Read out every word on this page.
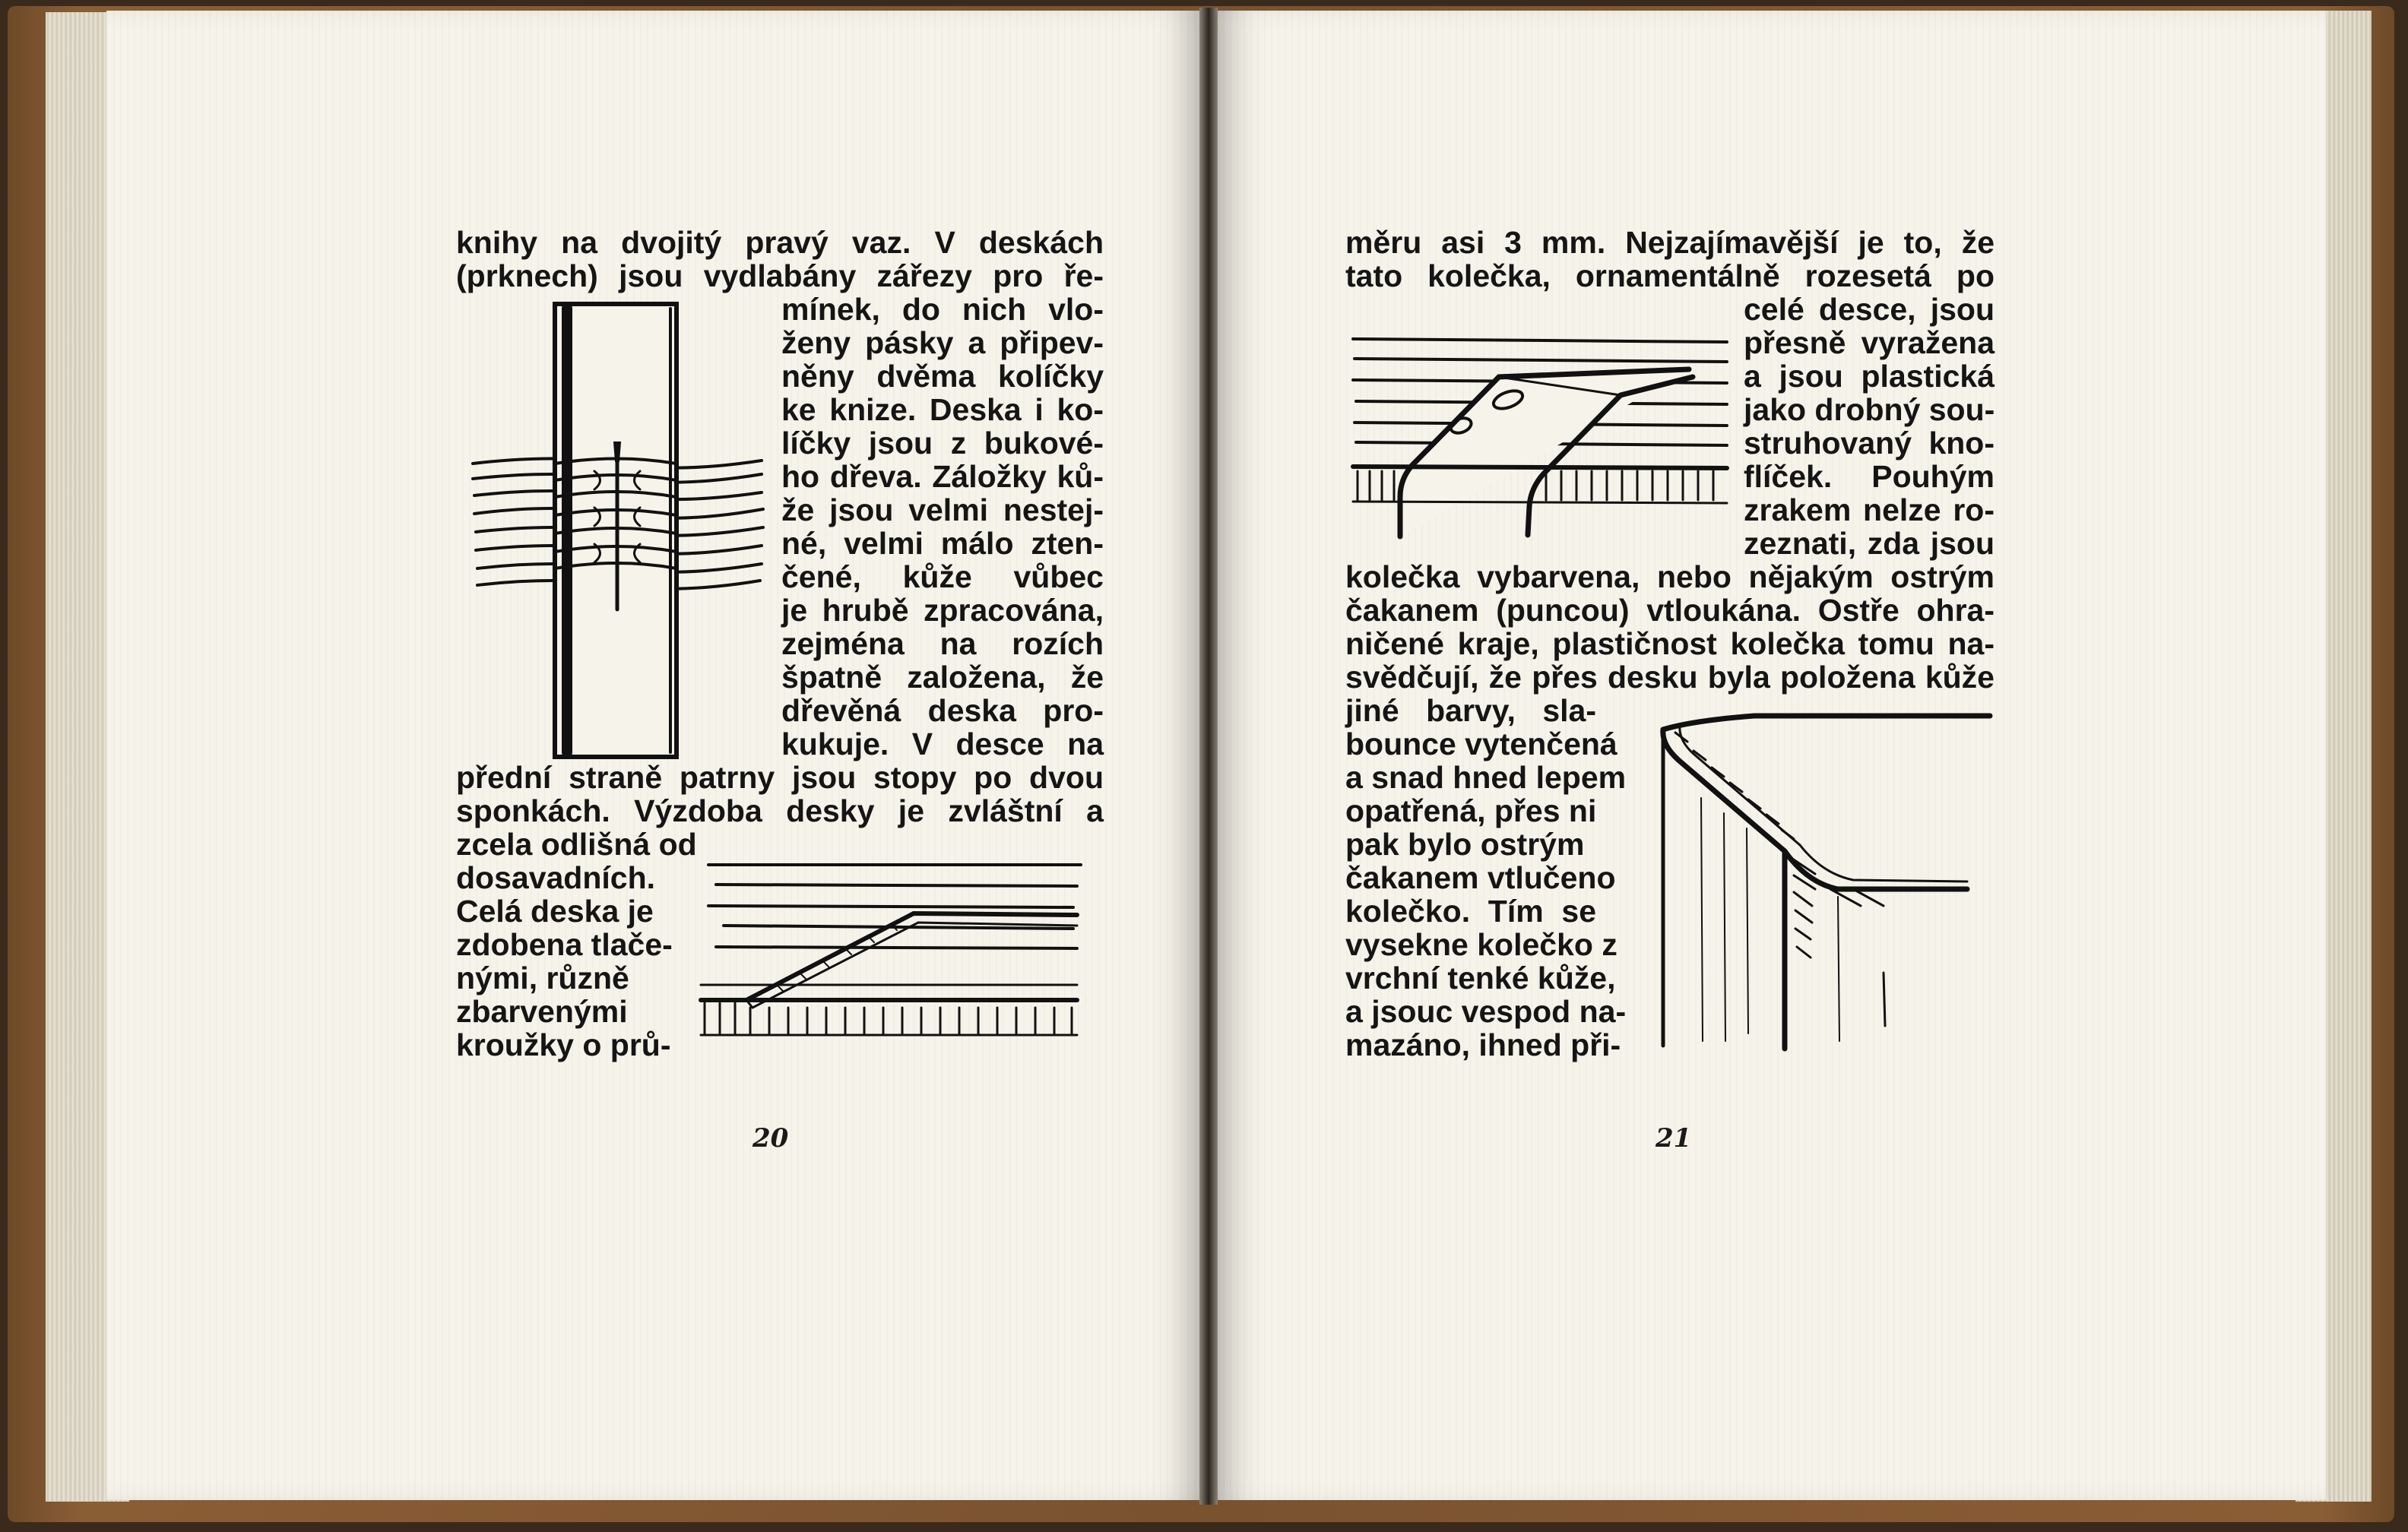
knihy na dvojitý pravý vaz. V deskách

(prknech) jsou vydlabány zářezy pro ře-

mínek, do nich vlo-

ženy pásky a připev-

něny dvěma kolíčky

ke knize. Deska i ko-

líčky jsou z bukové-

ho dřeva. Záložky ků-

že jsou velmi nestej-

né, velmi málo zten-

čené, kůže vůbec

je hrubě zpracována,

zejména na rozích

špatně založena, že

dřevěná deska pro-

kukuje. V desce na

přední straně patrny jsou stopy po dvou

sponkách. Výzdoba desky je zvláštní a

zcela odlišná od

dosavadních.

Celá deska je

zdobena tlače-

nými, různě

zbarvenými

kroužky o prů-

20

měru asi 3 mm. Nejzajímavější je to, že

tato kolečka, ornamentálně rozesetá po

celé desce, jsou

přesně vyražena

a jsou plastická

jako drobný sou-

struhovaný kno-

flíček. Pouhým

zrakem nelze ro-

zeznati, zda jsou

kolečka vybarvena, nebo nějakým ostrým

čakanem (puncou) vtloukána. Ostře ohra-

ničené kraje, plastičnost kolečka tomu na-

svědčují, že přes desku byla položena kůže

jiné barvy, sla-

bounce vytenčená

a snad hned lepem

opatřená, přes ni

pak bylo ostrým

čakanem vtlučeno

kolečko. Tím se

vysekne kolečko z

vrchní tenké kůže,

a jsouc vespod na-

mazáno, ihned při-

21
